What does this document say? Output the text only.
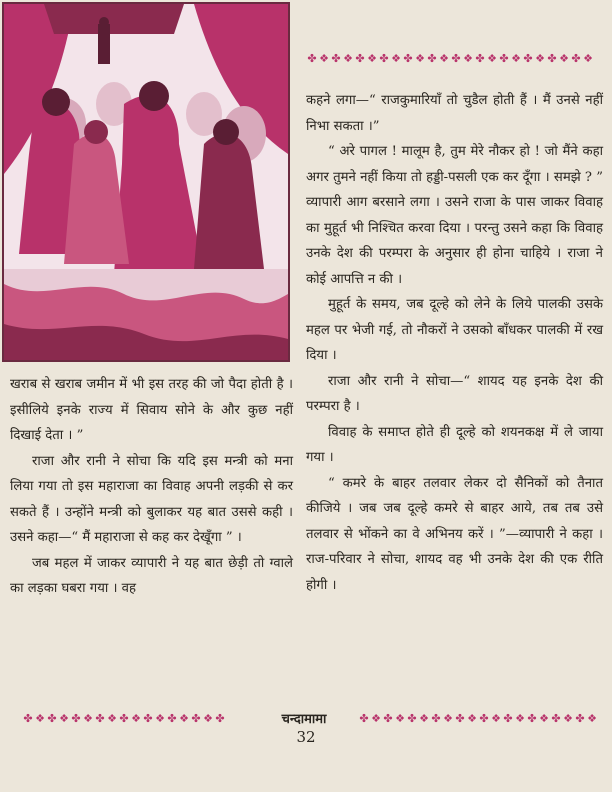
✤ ❖ ✤ ❖ ✤ ❖ ✤ ❖ ✤ ❖ ✤ ❖ ✤ ❖ ✤ ❖ ✤ ❖ ✤ ❖ ✤ ❖ ✤ ❖

कहने लगा—“ राजकुमारियाँ तो चुडैल होती हैं । मैं उनसे नहीं निभा सकता ।”

“ अरे पागल ! मालूम है, तुम मेरे नौकर हो ! जो मैंने कहा अगर तुमने नहीं किया तो हड्डी-पसली एक कर दूँगा । समझे ? ” व्यापारी आग बरसाने लगा । उसने राजा के पास जाकर विवाह का मुहूर्त भी निश्चित करवा दिया । परन्तु उसने कहा कि विवाह उनके देश की परम्परा के अनुसार ही होना चाहिये । राजा ने कोई आपत्ति न की ।

मुहूर्त के समय, जब दूल्हे को लेने के लिये पालकी उसके महल पर भेजी गई, तो नौकरों ने उसको बाँधकर पालकी में रख दिया ।

राजा और रानी ने सोचा—“ शायद यह इनके देश की परम्परा है ।

विवाह के समाप्त होते ही दूल्हे को शयनकक्ष में ले जाया गया ।

“ कमरे के बाहर तलवार लेकर दो सैनिकों को तैनात कीजिये । जब जब दूल्हे कमरे से बाहर आये, तब तब उसे तलवार से भोंकने का वे अभिनय करें । ”—व्यापारी ने कहा । राज-परिवार ने सोचा, शायद वह भी उनके देश की एक रीति होगी ।

खराब से खराब जमीन में भी इस तरह की जो पैदा होती है । इसीलिये इनके राज्य में सिवाय सोने के और कुछ नहीं दिखाई देता । ”

राजा और रानी ने सोचा कि यदि इस मन्त्री को मना लिया गया तो इस महाराजा का विवाह अपनी लड़की से कर सकते हैं । उन्होंने मन्त्री को बुलाकर यह बात उससे कही । उसने कहा—“ मैं महाराजा से कह कर देखूँगा ” ।

जब महल में जाकर व्यापारी ने यह बात छेड़ी तो ग्वाले का लड़का घबरा गया । वह

✤ ❖ ✤ ❖ ✤ ❖ ✤ ❖ ✤ ❖ ✤ ❖ ✤ ❖ ✤ ❖ ✤	चन्दामामा	✤ ❖ ✤ ❖ ✤ ❖ ✤ ❖ ✤ ❖ ✤ ❖ ✤ ❖ ✤ ❖ ✤ ❖ ✤ ❖
32
